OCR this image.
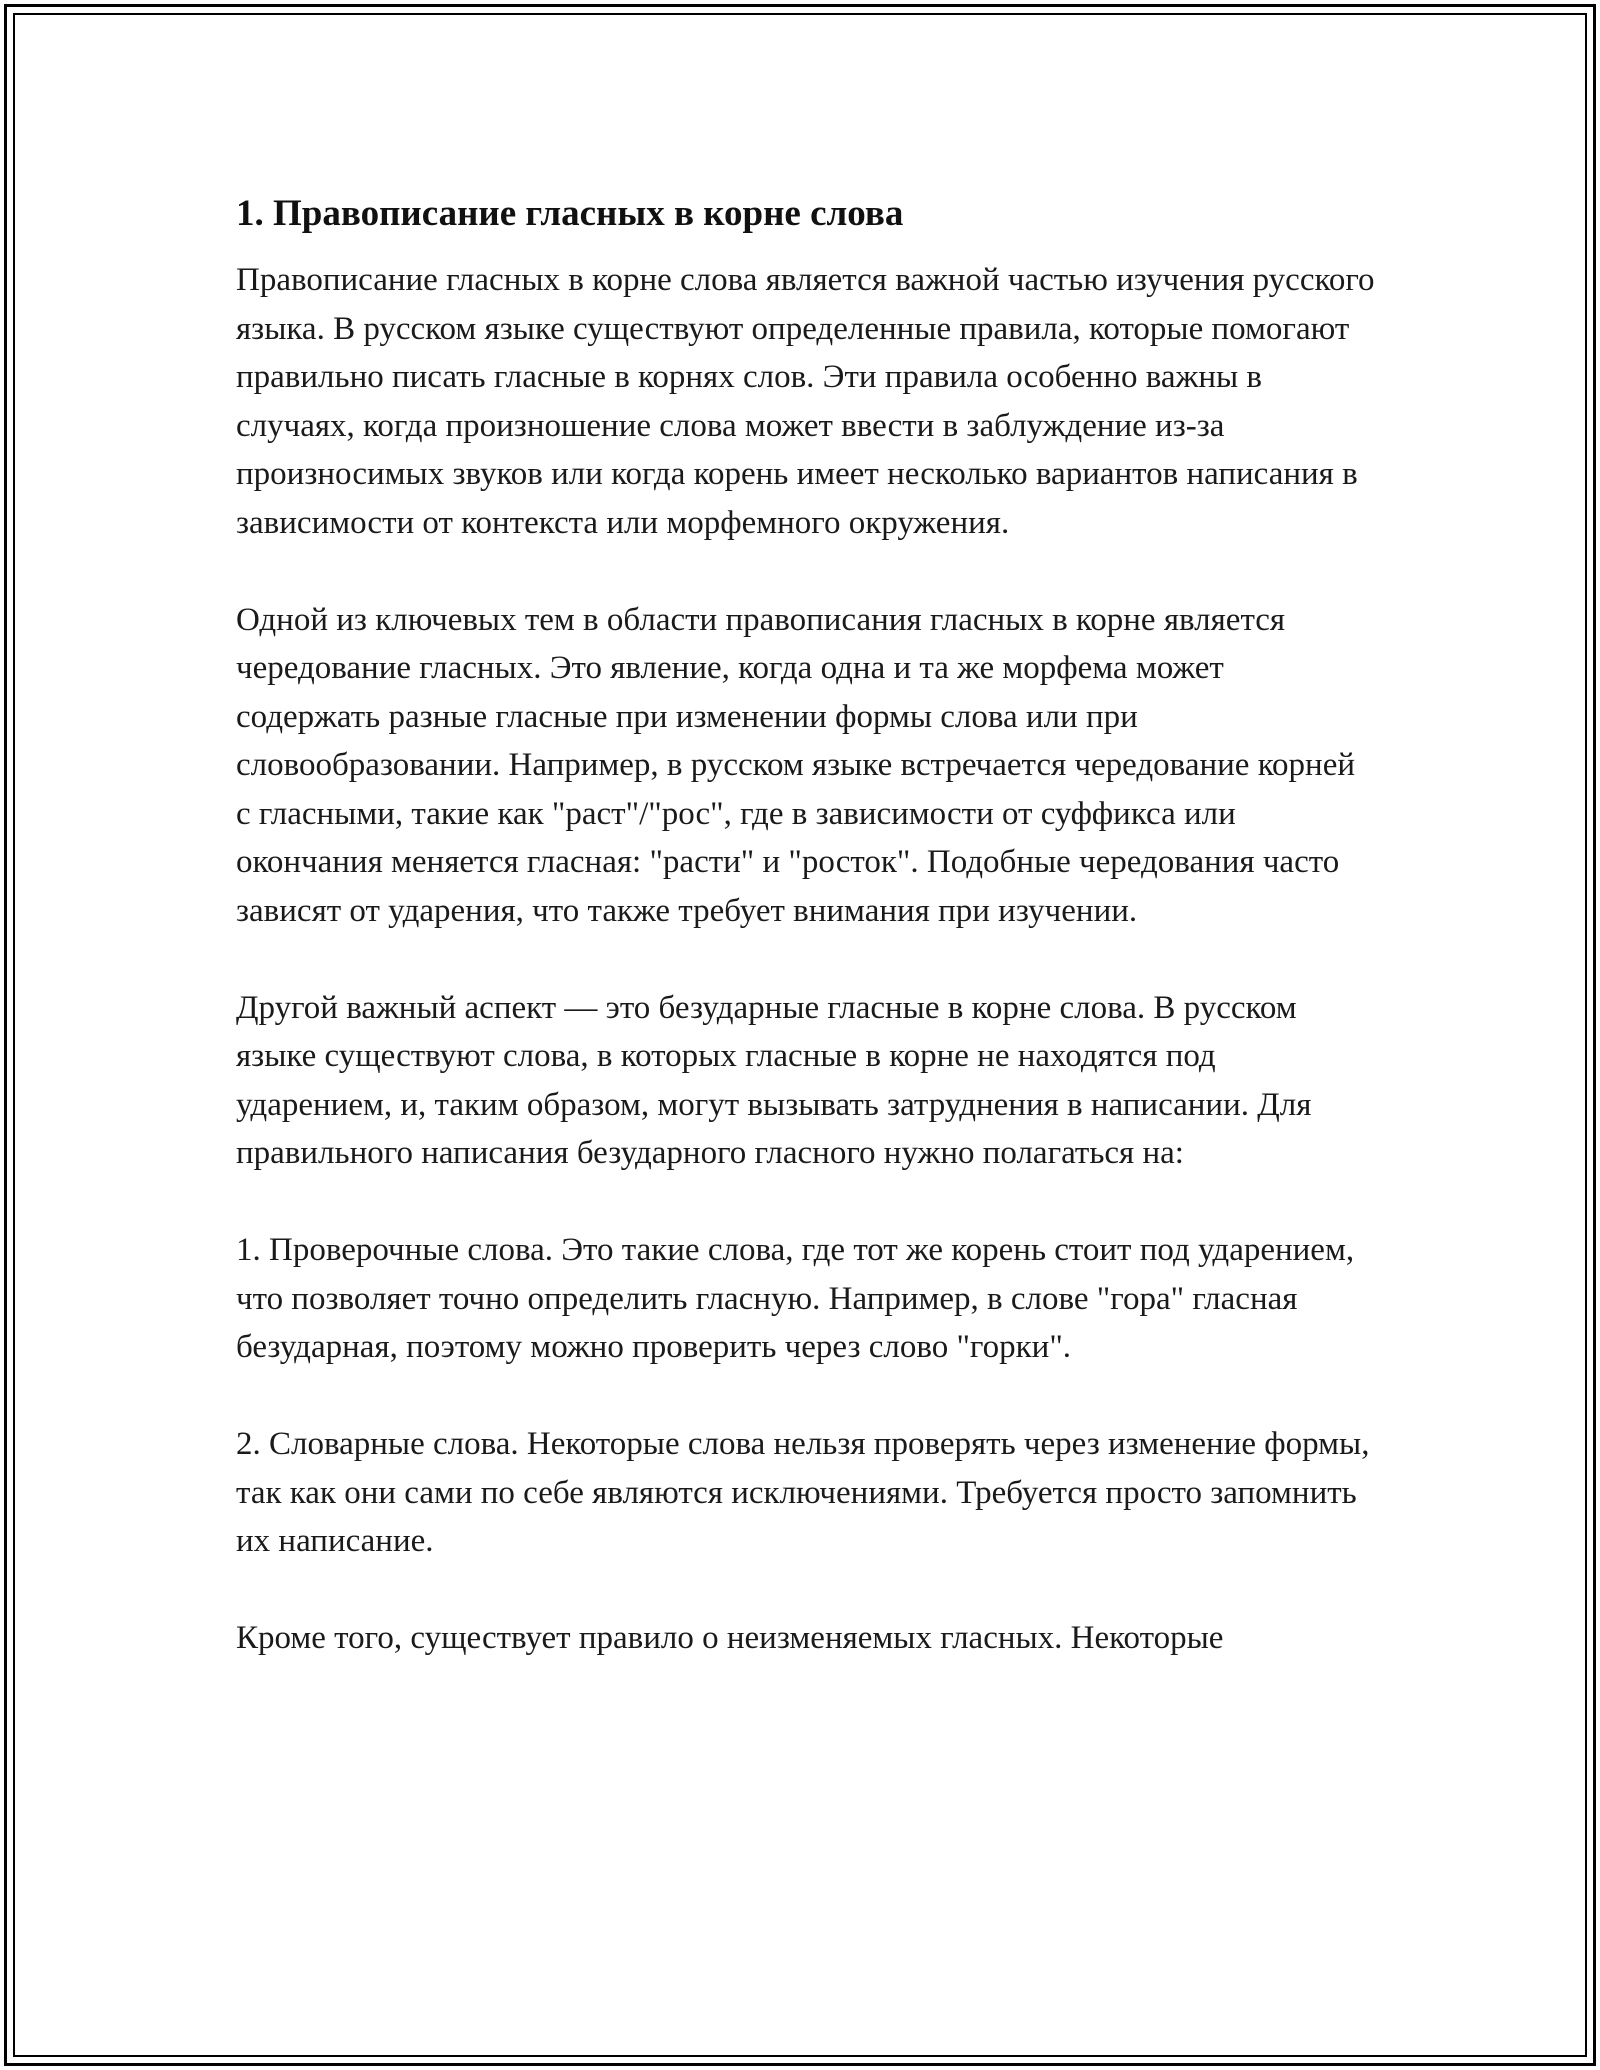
1. Правописание гласных в корне слова

Правописание гласных в корне слова является важной частью изучения русского языка. В русском языке существуют определенные правила, которые помогают правильно писать гласные в корнях слов. Эти правила особенно важны в случаях, когда произношение слова может ввести в заблуждение из-за произносимых звуков или когда корень имеет несколько вариантов написания в зависимости от контекста или морфемного окружения.

Одной из ключевых тем в области правописания гласных в корне является чередование гласных. Это явление, когда одна и та же морфема может содержать разные гласные при изменении формы слова или при словообразовании. Например, в русском языке встречается чередование корней с гласными, такие как "раст"/"рос", где в зависимости от суффикса или окончания меняется гласная: "расти" и "росток". Подобные чередования часто зависят от ударения, что также требует внимания при изучении.

Другой важный аспект — это безударные гласные в корне слова. В русском языке существуют слова, в которых гласные в корне не находятся под ударением, и, таким образом, могут вызывать затруднения в написании. Для правильного написания безударного гласного нужно полагаться на:

1. Проверочные слова. Это такие слова, где тот же корень стоит под ударением, что позволяет точно определить гласную. Например, в слове "гора" гласная безударная, поэтому можно проверить через слово "горки".

2. Словарные слова. Некоторые слова нельзя проверять через изменение формы, так как они сами по себе являются исключениями. Требуется просто запомнить их написание.

Кроме того, существует правило о неизменяемых гласных. Некоторые
